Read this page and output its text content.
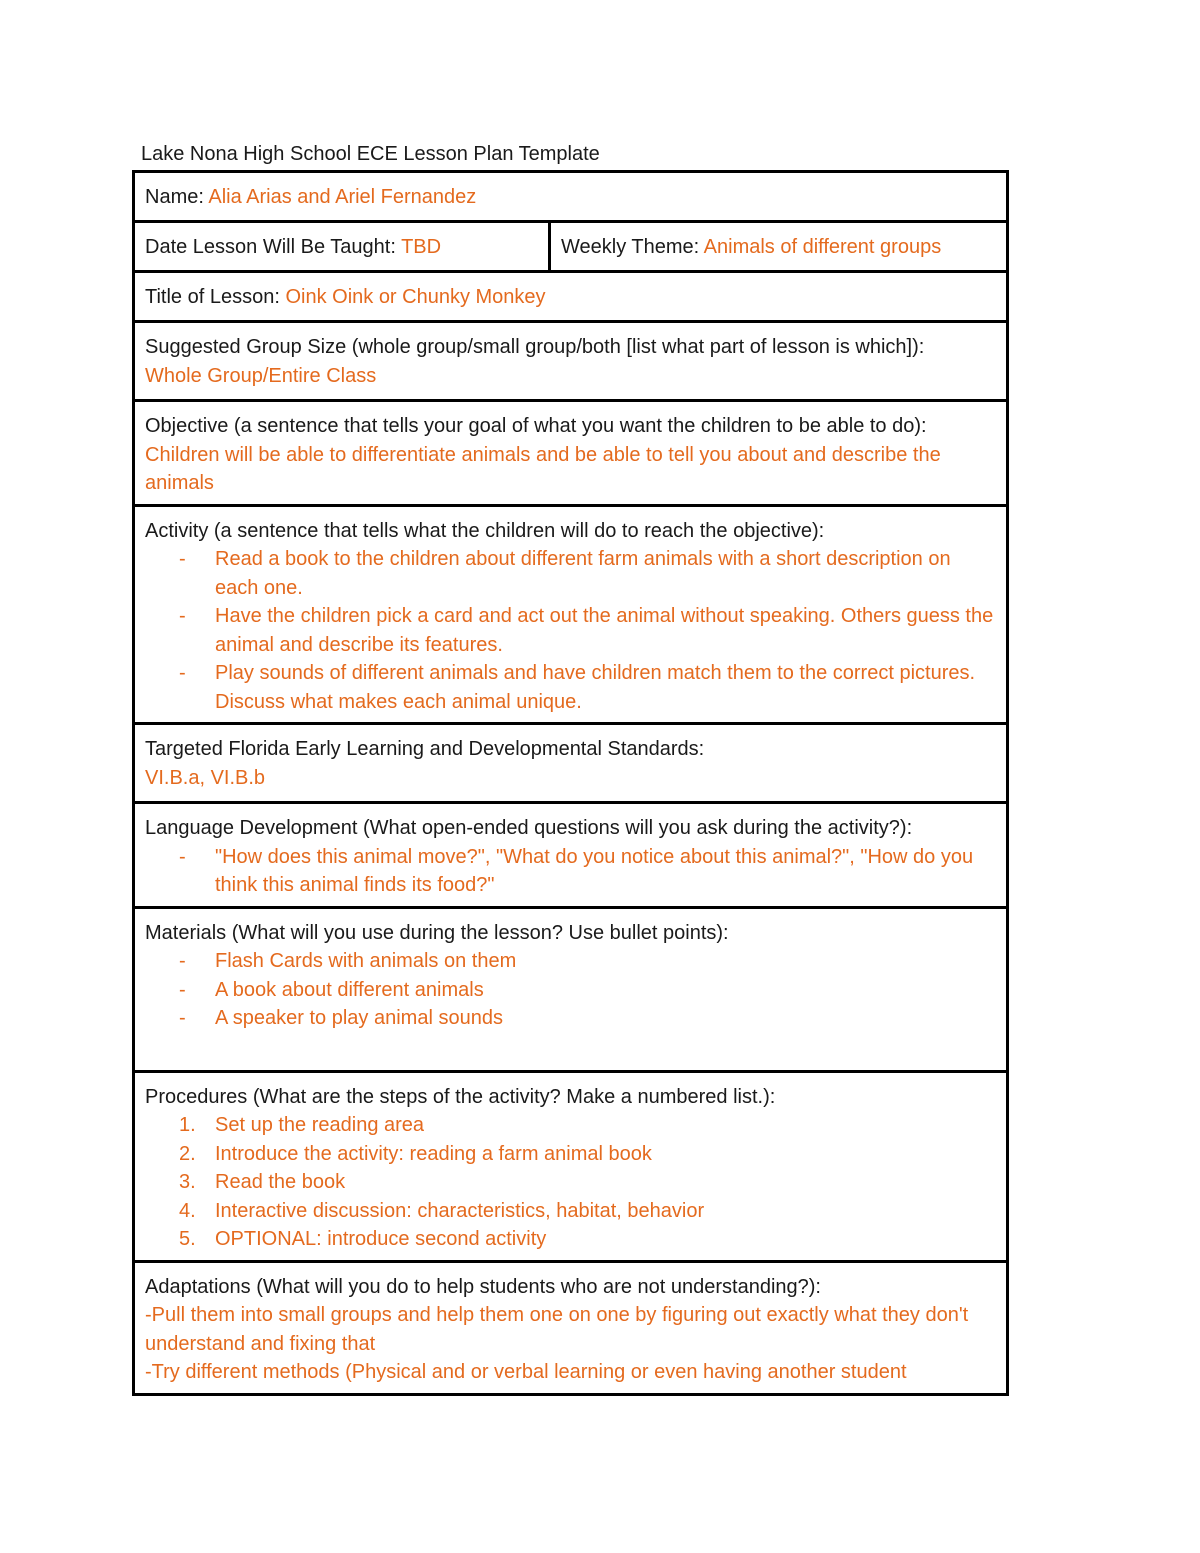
Lake Nona High School ECE Lesson Plan Template
Name: Alia Arias and Ariel Fernandez
Date Lesson Will Be Taught: TBD	Weekly Theme: Animals of different groups
Title of Lesson: Oink Oink or Chunky Monkey

Suggested Group Size (whole group/small group/both [list what part of lesson is which]):
Whole Group/Entire Class

Objective (a sentence that tells your goal of what you want the children to be able to do):
Children will be able to differentiate animals and be able to tell you about and describe the animals

Activity (a sentence that tells what the children will do to reach the objective):
- Read a book to the children about different farm animals with a short description on each one.
- Have the children pick a card and act out the animal without speaking. Others guess the animal and describe its features.
- Play sounds of different animals and have children match them to the correct pictures. Discuss what makes each animal unique.

Targeted Florida Early Learning and Developmental Standards:
VI.B.a, VI.B.b

Language Development (What open-ended questions will you ask during the activity?):
- "How does this animal move?", "What do you notice about this animal?", "How do you think this animal finds its food?"

Materials (What will you use during the lesson? Use bullet points):
- Flash Cards with animals on them
- A book about different animals
- A speaker to play animal sounds

Procedures (What are the steps of the activity? Make a numbered list.):
1. Set up the reading area
2. Introduce the activity: reading a farm animal book
3. Read the book
4. Interactive discussion: characteristics, habitat, behavior
5. OPTIONAL: introduce second activity

Adaptations (What will you do to help students who are not understanding?):
-Pull them into small groups and help them one on one by figuring out exactly what they don't understand and fixing that
-Try different methods (Physical and or verbal learning or even having another student
